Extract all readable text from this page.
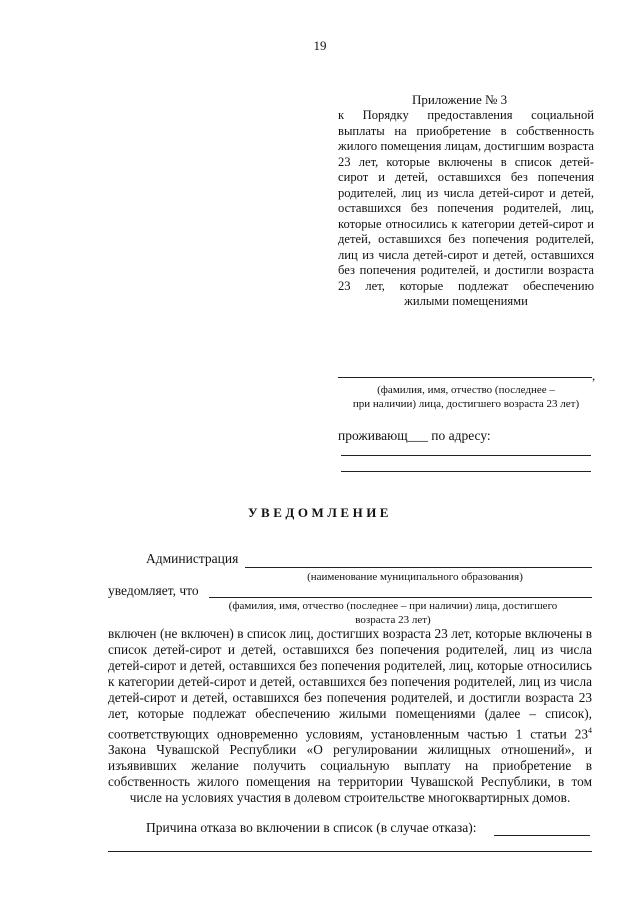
19
Приложение № 3
к Порядку предоставления социальной выплаты на приобретение в собственность жилого помещения лицам, достигшим возраста 23 лет, которые включены в список детей-сирот и детей, оставшихся без попечения родителей, лиц из числа детей-сирот и детей, оставшихся без попечения родителей, лиц, которые относились к категории детей-сирот и детей, оставшихся без попечения родителей, лиц из числа детей-сирот и детей, оставшихся без попечения родителей, и достигли возраста 23 лет, которые подлежат обеспечению жилыми помещениями
,
(фамилия, имя, отчество (последнее –
при наличии) лица, достигшего возраста 23 лет)
проживающ___ по адресу:
УВЕДОМЛЕНИЕ
Администрация
(наименование муниципального образования)
уведомляет, что
(фамилия, имя, отчество (последнее – при наличии) лица, достигшего
возраста 23 лет)
включен (не включен) в список лиц, достигших возраста 23 лет, которые включены в список детей-сирот и детей, оставшихся без попечения родителей, лиц из числа детей-сирот и детей, оставшихся без попечения родителей, лиц, которые относились к категории детей-сирот и детей, оставшихся без попечения родителей, лиц из числа детей-сирот и детей, оставшихся без попечения родителей, и достигли возраста 23 лет, которые подлежат обеспечению жилыми помещениями (далее – список), соответствующих одновременно условиям, установленным частью 1 статьи $23^4$ Закона Чувашской Республики «О регулировании жилищных отношений», и изъявивших желание получить социальную выплату на приобретение в собственность жилого помещения на территории Чувашской Республики, в том числе на условиях участия в долевом строительстве многоквартирных домов.
Причина отказа во включении в список (в случае отказа):
